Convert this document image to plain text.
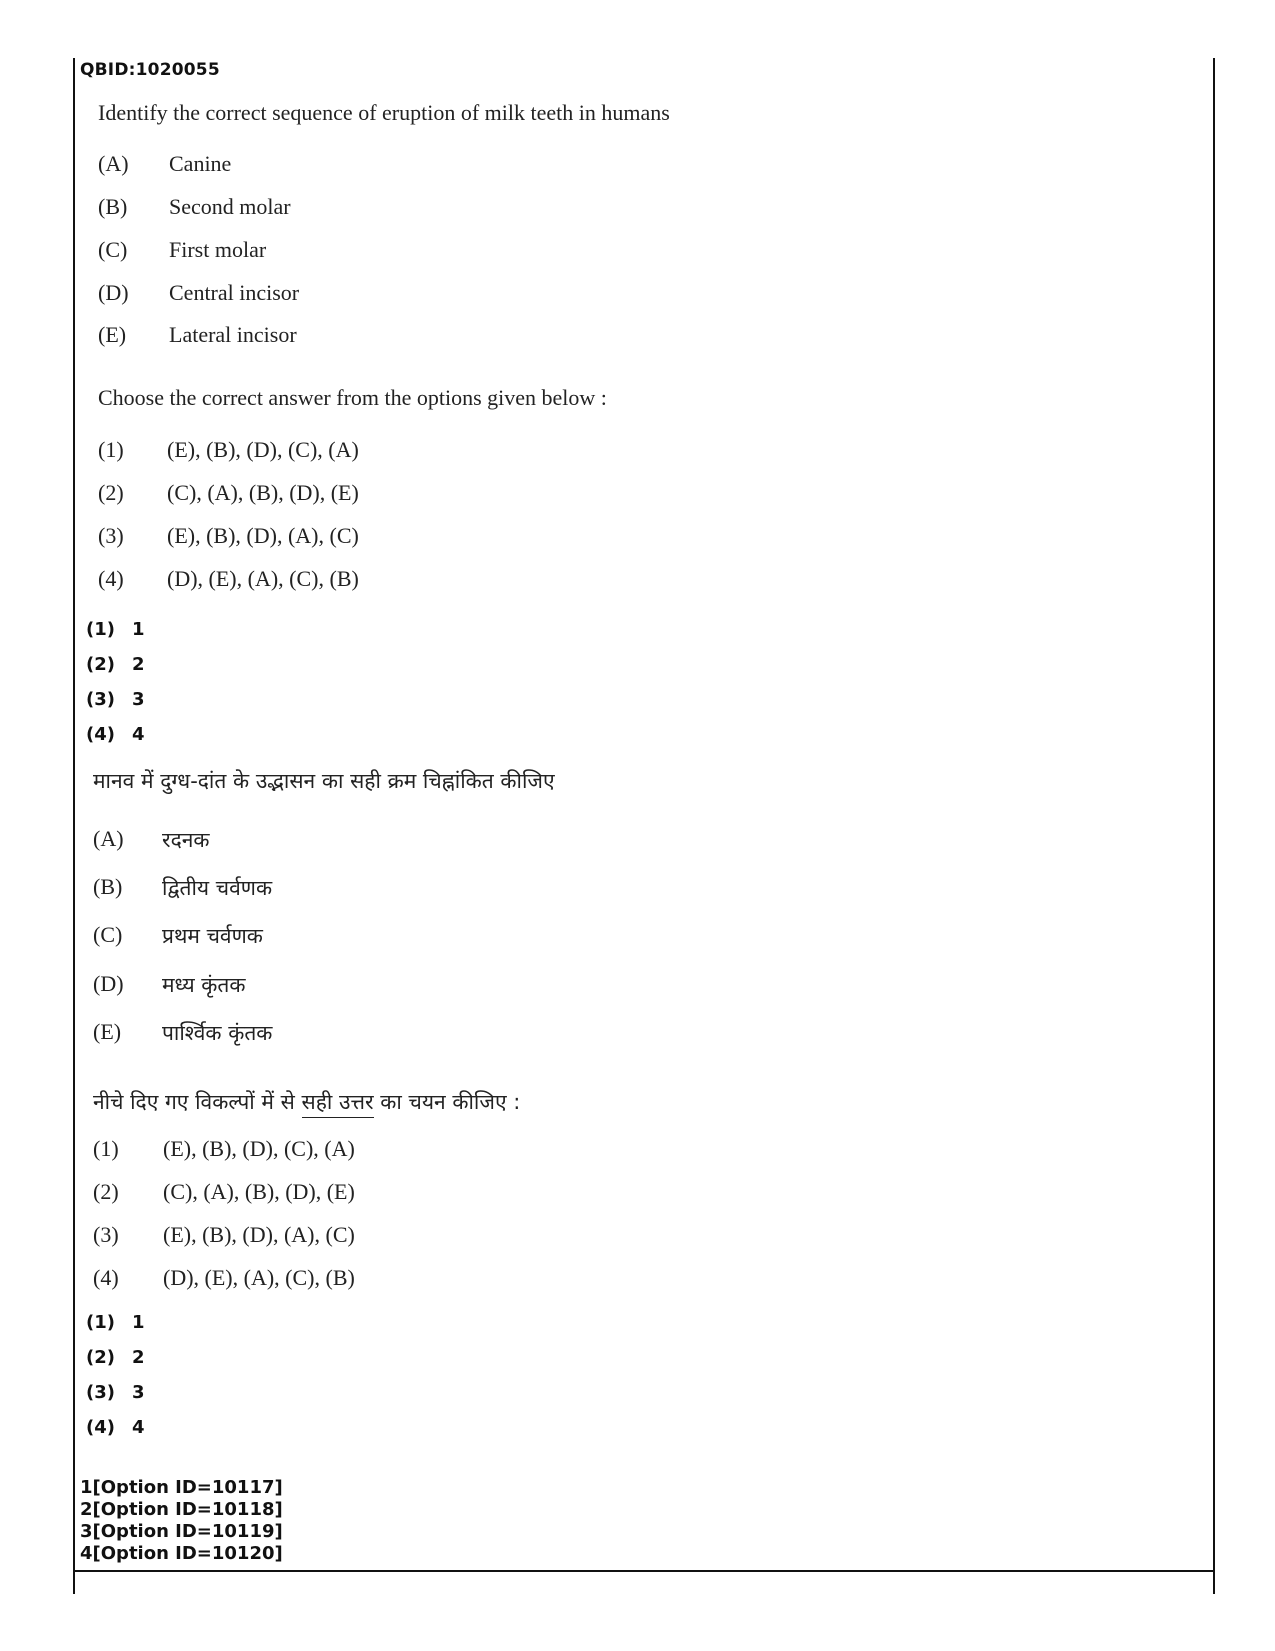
QBID:1020055
Identify the correct sequence of eruption of milk teeth in humans
(A) Canine
(B) Second molar
(C) First molar
(D) Central incisor
(E) Lateral incisor
Choose the correct answer from the options given below :
(1) (E), (B), (D), (C), (A)
(2) (C), (A), (B), (D), (E)
(3) (E), (B), (D), (A), (C)
(4) (D), (E), (A), (C), (B)
(1) 1
(2) 2
(3) 3
(4) 4
मानव में दुग्ध-दांत के उद्भासन का सही क्रम चिह्नांकित कीजिए
(A) रदनक
(B) द्वितीय चर्वणक
(C) प्रथम चर्वणक
(D) मध्य कृंतक
(E) पार्श्विक कृंतक
नीचे दिए गए विकल्पों में से सही उत्तर का चयन कीजिए :
(1) (E), (B), (D), (C), (A)
(2) (C), (A), (B), (D), (E)
(3) (E), (B), (D), (A), (C)
(4) (D), (E), (A), (C), (B)
(1) 1
(2) 2
(3) 3
(4) 4
1[Option ID=10117]
2[Option ID=10118]
3[Option ID=10119]
4[Option ID=10120]
